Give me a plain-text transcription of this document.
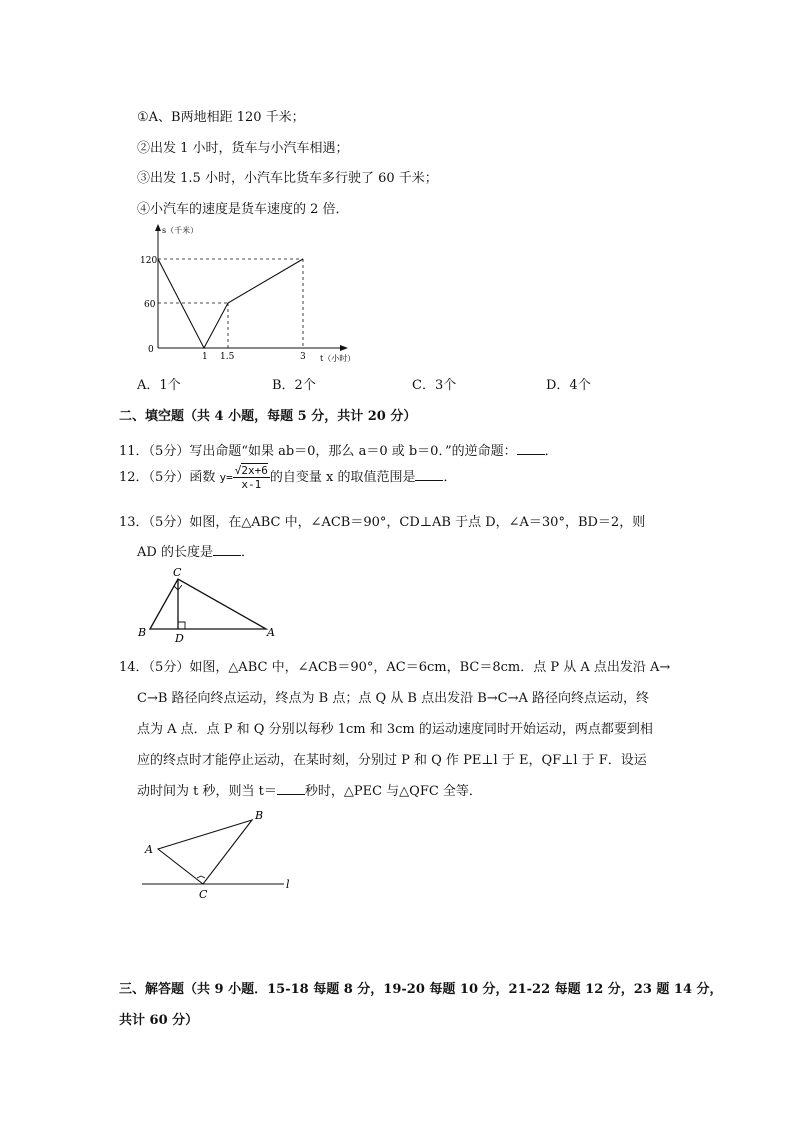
①A、B两地相距 120 千米；
②出发 1 小时，货车与小汽车相遇；
③出发 1.5 小时，小汽车比货车多行驶了 60 千米；
④小汽车的速度是货车速度的 2 倍．
s（千米）
t（小时）
120
60
0
1 1.5	3
A．1个	B．2个	C．3个	D．4个
二、填空题（共 4 小题，每题 5 分，共计 20 分）
11．（5分）写出命题“如果 ab＝0，那么 a＝0 或 b＝0．”的逆命题： ．
12．（5分）函数 $y= \frac{√2x+6}{x-1}$ 的自变量 x 的取值范围是 ．
13．（5分）如图，在△ABC 中，∠ACB＝90°，CD⊥AB 于点 D，∠A＝30°，BD＝2，则
AD 的长度是 ．
C
B	D	A
14．（5分）如图，△ABC 中，∠ACB＝90°，AC＝6cm，BC＝8cm．点 P 从 A 点出发沿 A→
C→B 路径向终点运动，终点为 B 点；点 Q 从 B 点出发沿 B→C→A 路径向终点运动，终
点为 A 点．点 P 和 Q 分别以每秒 1cm 和 3cm 的运动速度同时开始运动，两点都要到相
应的终点时才能停止运动，在某时刻，分别过 P 和 Q 作 PE⊥l 于 E，QF⊥l 于 F．设运
动时间为 t 秒，则当 t＝ 秒时，△PEC 与△QFC 全等．
A
B
C
l
三、解答题（共 9 小题．15-18 每题 8 分，19-20 每题 10 分，21-22 每题 12 分，23 题 14 分，
共计 60 分）
